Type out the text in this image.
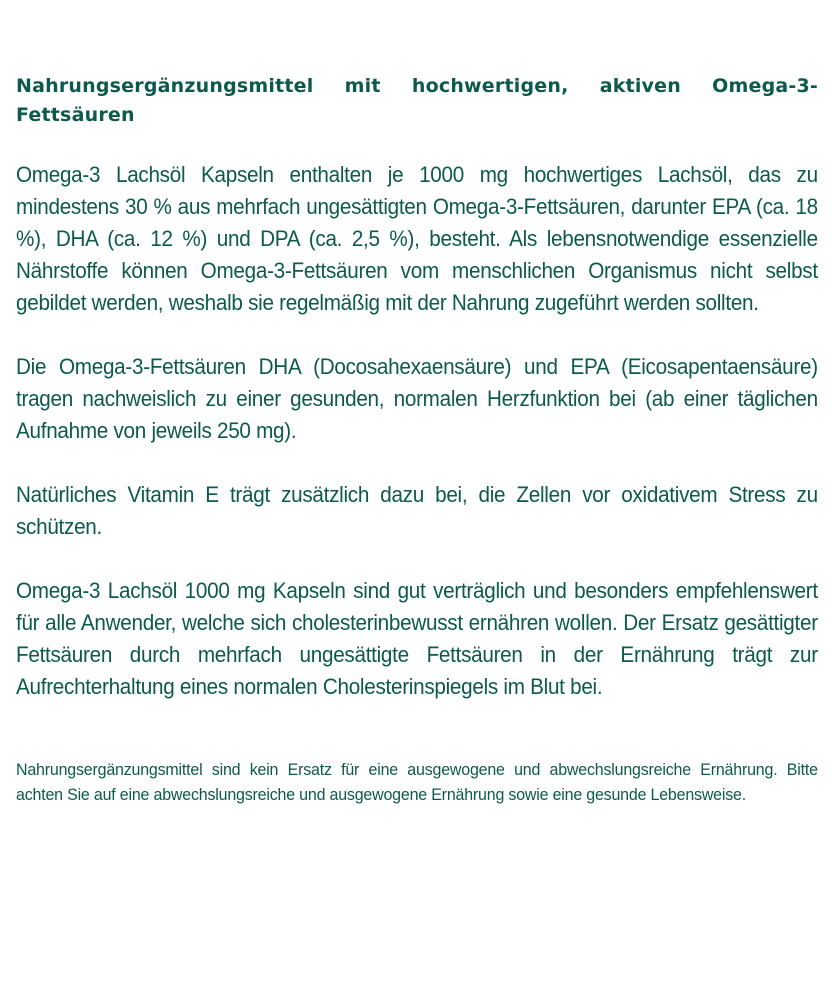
Nahrungsergänzungsmittel mit hochwertigen, aktiven Omega-3-Fettsäuren

Omega-3 Lachsöl Kapseln enthalten je 1000 mg hochwertiges Lachsöl, das zu mindestens 30 % aus mehrfach ungesättigten Omega-3-Fettsäuren, darunter EPA (ca. 18 %), DHA (ca. 12 %) und DPA (ca. 2,5 %), besteht. Als lebensnotwendige essenzielle Nährstoffe können Omega-3-Fettsäuren vom menschlichen Organismus nicht selbst gebildet werden, weshalb sie regelmäßig mit der Nahrung zugeführt werden sollten.

Die Omega-3-Fettsäuren DHA (Docosahexaensäure) und EPA (Eicosapentaensäure) tragen nachweislich zu einer gesunden, normalen Herzfunktion bei (ab einer täglichen Aufnahme von jeweils 250 mg).

Natürliches Vitamin E trägt zusätzlich dazu bei, die Zellen vor oxidativem Stress zu schützen.

Omega-3 Lachsöl 1000 mg Kapseln sind gut verträglich und besonders empfehlenswert für alle Anwender, welche sich cholesterinbewusst ernähren wollen. Der Ersatz gesättigter Fettsäuren durch mehrfach ungesättigte Fettsäuren in der Ernährung trägt zur Aufrechterhaltung eines normalen Cholesterinspiegels im Blut bei.

Nahrungsergänzungsmittel sind kein Ersatz für eine ausgewogene und abwechslungsreiche Ernährung. Bitte achten Sie auf eine abwechslungsreiche und ausgewogene Ernährung sowie eine gesunde Lebensweise.
